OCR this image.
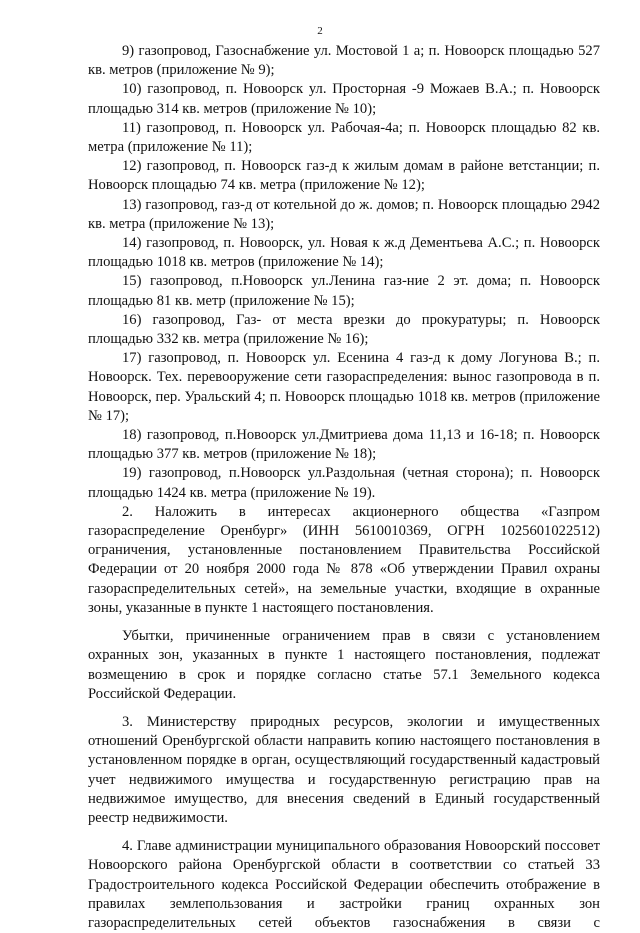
2

9) газопровод, Газоснабжение ул. Мостовой 1 а; п. Новоорск площадью 527 кв. метров (приложение № 9);

10) газопровод, п. Новоорск ул. Просторная -9 Можаев В.А.; п. Новоорск площадью 314 кв. метров (приложение № 10);

11) газопровод, п. Новоорск ул. Рабочая-4а; п. Новоорск площадью 82 кв. метра (приложение № 11);

12) газопровод, п. Новоорск газ-д к жилым домам в районе ветстанции; п. Новоорск площадью 74 кв. метра (приложение № 12);

13) газопровод, газ-д от котельной до ж. домов; п. Новоорск площадью 2942 кв. метра (приложение № 13);

14) газопровод, п. Новоорск, ул. Новая к ж.д Дементьева А.С.; п. Новоорск площадью 1018 кв. метров (приложение № 14);

15) газопровод, п.Новоорск ул.Ленина газ-ние 2 эт. дома; п. Новоорск площадью 81 кв. метр (приложение № 15);

16) газопровод, Газ- от места врезки до прокуратуры; п. Новоорск площадью 332 кв. метра (приложение № 16);

17) газопровод, п. Новоорск ул. Есенина 4 газ-д к дому Логунова В.; п. Новоорск. Тех. перевооружение сети газораспределения: вынос газопровода в п. Новоорск, пер. Уральский 4; п. Новоорск площадью 1018 кв. метров (приложение № 17);

18) газопровод, п.Новоорск ул.Дмитриева дома 11,13 и 16-18; п. Новоорск площадью 377 кв. метров (приложение № 18);

19) газопровод, п.Новоорск ул.Раздольная (четная сторона); п. Новоорск площадью 1424 кв. метра (приложение № 19).

2. Наложить в интересах акционерного общества «Газпром газораспределение Оренбург» (ИНН 5610010369, ОГРН 1025601022512) ограничения, установленные постановлением Правительства Российской Федерации от 20 ноября 2000 года № 878 «Об утверждении Правил охраны газораспределительных сетей», на земельные участки, входящие в охранные зоны, указанные в пункте 1 настоящего постановления.

Убытки, причиненные ограничением прав в связи с установлением охранных зон, указанных в пункте 1 настоящего постановления, подлежат возмещению в срок и порядке согласно статье 57.1 Земельного кодекса Российской Федерации.

3. Министерству природных ресурсов, экологии и имущественных отношений Оренбургской области направить копию настоящего постановления в установленном порядке в орган, осуществляющий государственный кадастровый учет недвижимого имущества и государственную регистрацию прав на недвижимое имущество, для внесения сведений в Единый государственный реестр недвижимости.

4. Главе администрации муниципального образования Новоорский поссовет Новоорского района Оренбургской области в соответствии со статьей 33 Градостроительного кодекса Российской Федерации обеспечить отображение в правилах землепользования и застройки границ охранных зон газораспределительных сетей объектов газоснабжения в связи с
